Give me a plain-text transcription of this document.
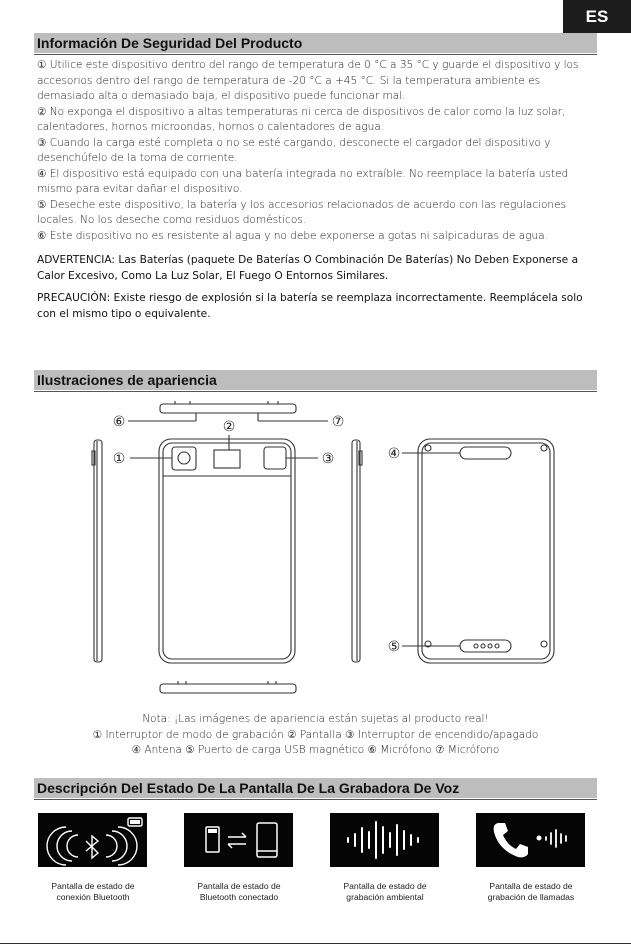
ES
Información De Seguridad Del Producto

① Utilice este dispositivo dentro del rango de temperatura de 0 °C a 35 °C y guarde el dispositivo y los accesorios dentro del rango de temperatura de -20 °C a +45 °C. Si la temperatura ambiente es demasiado alta o demasiado baja, el dispositivo puede funcionar mal.

② No exponga el dispositivo a altas temperaturas ni cerca de dispositivos de calor como la luz solar, calentadores, hornos microondas, hornos o calentadores de agua.

③ Cuando la carga esté completa o no se esté cargando, desconecte el cargador del dispositivo y desenchúfelo de la toma de corriente.

④ El dispositivo está equipado con una batería integrada no extraíble. No reemplace la batería usted mismo para evitar dañar el dispositivo.

⑤ Deseche este dispositivo, la batería y los accesorios relacionados de acuerdo con las regulaciones locales. No los deseche como residuos domésticos.

⑥ Este dispositivo no es resistente al agua y no debe exponerse a gotas ni salpicaduras de agua.

ADVERTENCIA: Las Baterías (paquete De Baterías O Combinación De Baterías) No Deben Exponerse a Calor Excesivo, Como La Luz Solar, El Fuego O Entornos Similares.
PRECAUCIÓN: Existe riesgo de explosión si la batería se reemplaza incorrectamente. Reemplácela solo con el mismo tipo o equivalente.
Ilustraciones de apariencia
⑥	②	⑦
①	③	④
⑤
Nota: ¡Las imágenes de apariencia están sujetas al producto real!
① Interruptor de modo de grabación ② Pantalla ③ Interruptor de encendido/apagado
④ Antena ⑤ Puerto de carga USB magnético ⑥ Micrófono ⑦ Micrófono
Descripción Del Estado De La Pantalla De La Grabadora De Voz
Pantalla de estado de
conexión Bluetooth
Pantalla de estado de
Bluetooth conectado
Pantalla de estado de
grabación ambiental
Pantalla de estado de
grabación de llamadas
